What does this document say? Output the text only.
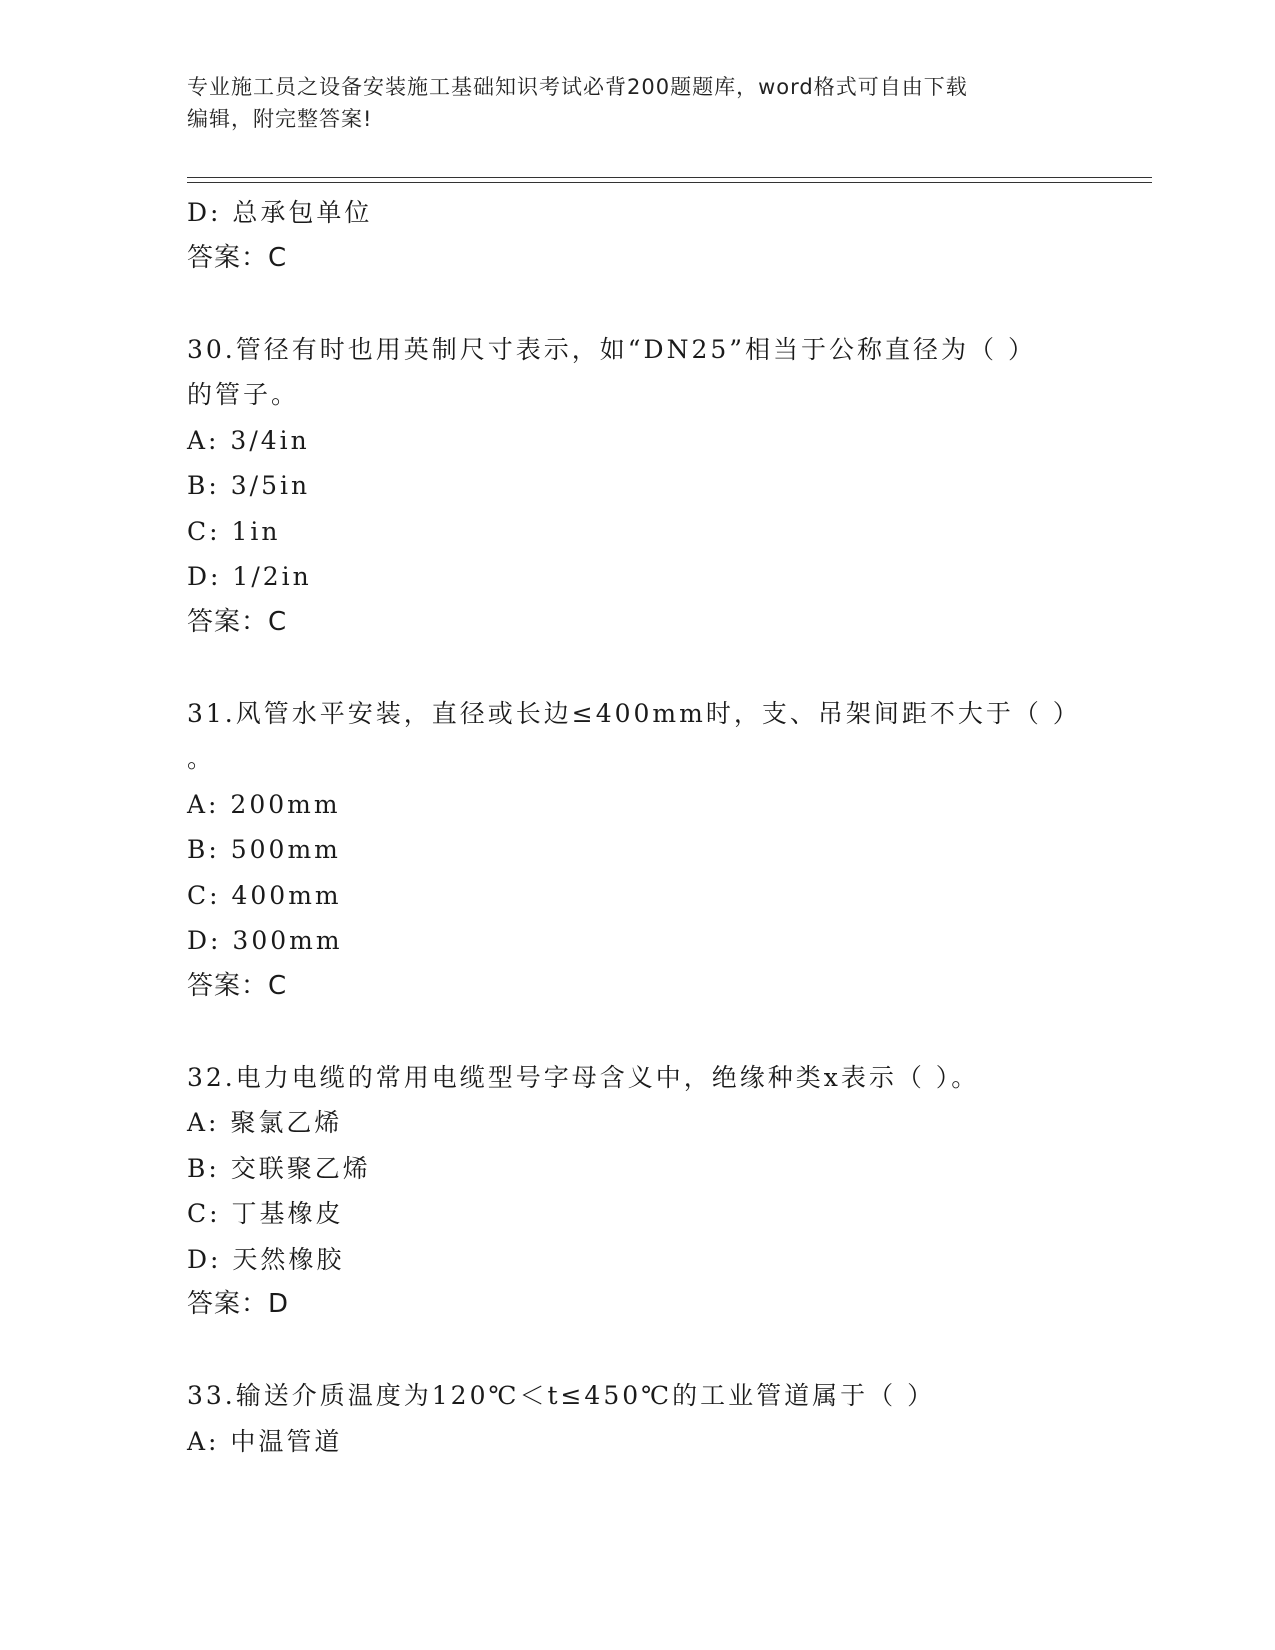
专业施工员之设备安装施工基础知识考试必背200题题库，word格式可自由下载
编辑，附完整答案!
D: 总承包单位
答案：C
30.管径有时也用英制尺寸表示，如“DN25”相当于公称直径为（ ）
的管子。
A: 3/4in
B: 3/5in
C: 1in
D: 1/2in
答案：C
31.风管水平安装，直径或长边≤400mm时，支、吊架间距不大于（ ）
。
A: 200mm
B: 500mm
C: 400mm
D: 300mm
答案：C
32.电力电缆的常用电缆型号字母含义中，绝缘种类x表示（ ）。
A: 聚氯乙烯
B: 交联聚乙烯
C: 丁基橡皮
D: 天然橡胶
答案：D
33.输送介质温度为120℃＜t≤450℃的工业管道属于（ ）
A: 中温管道
